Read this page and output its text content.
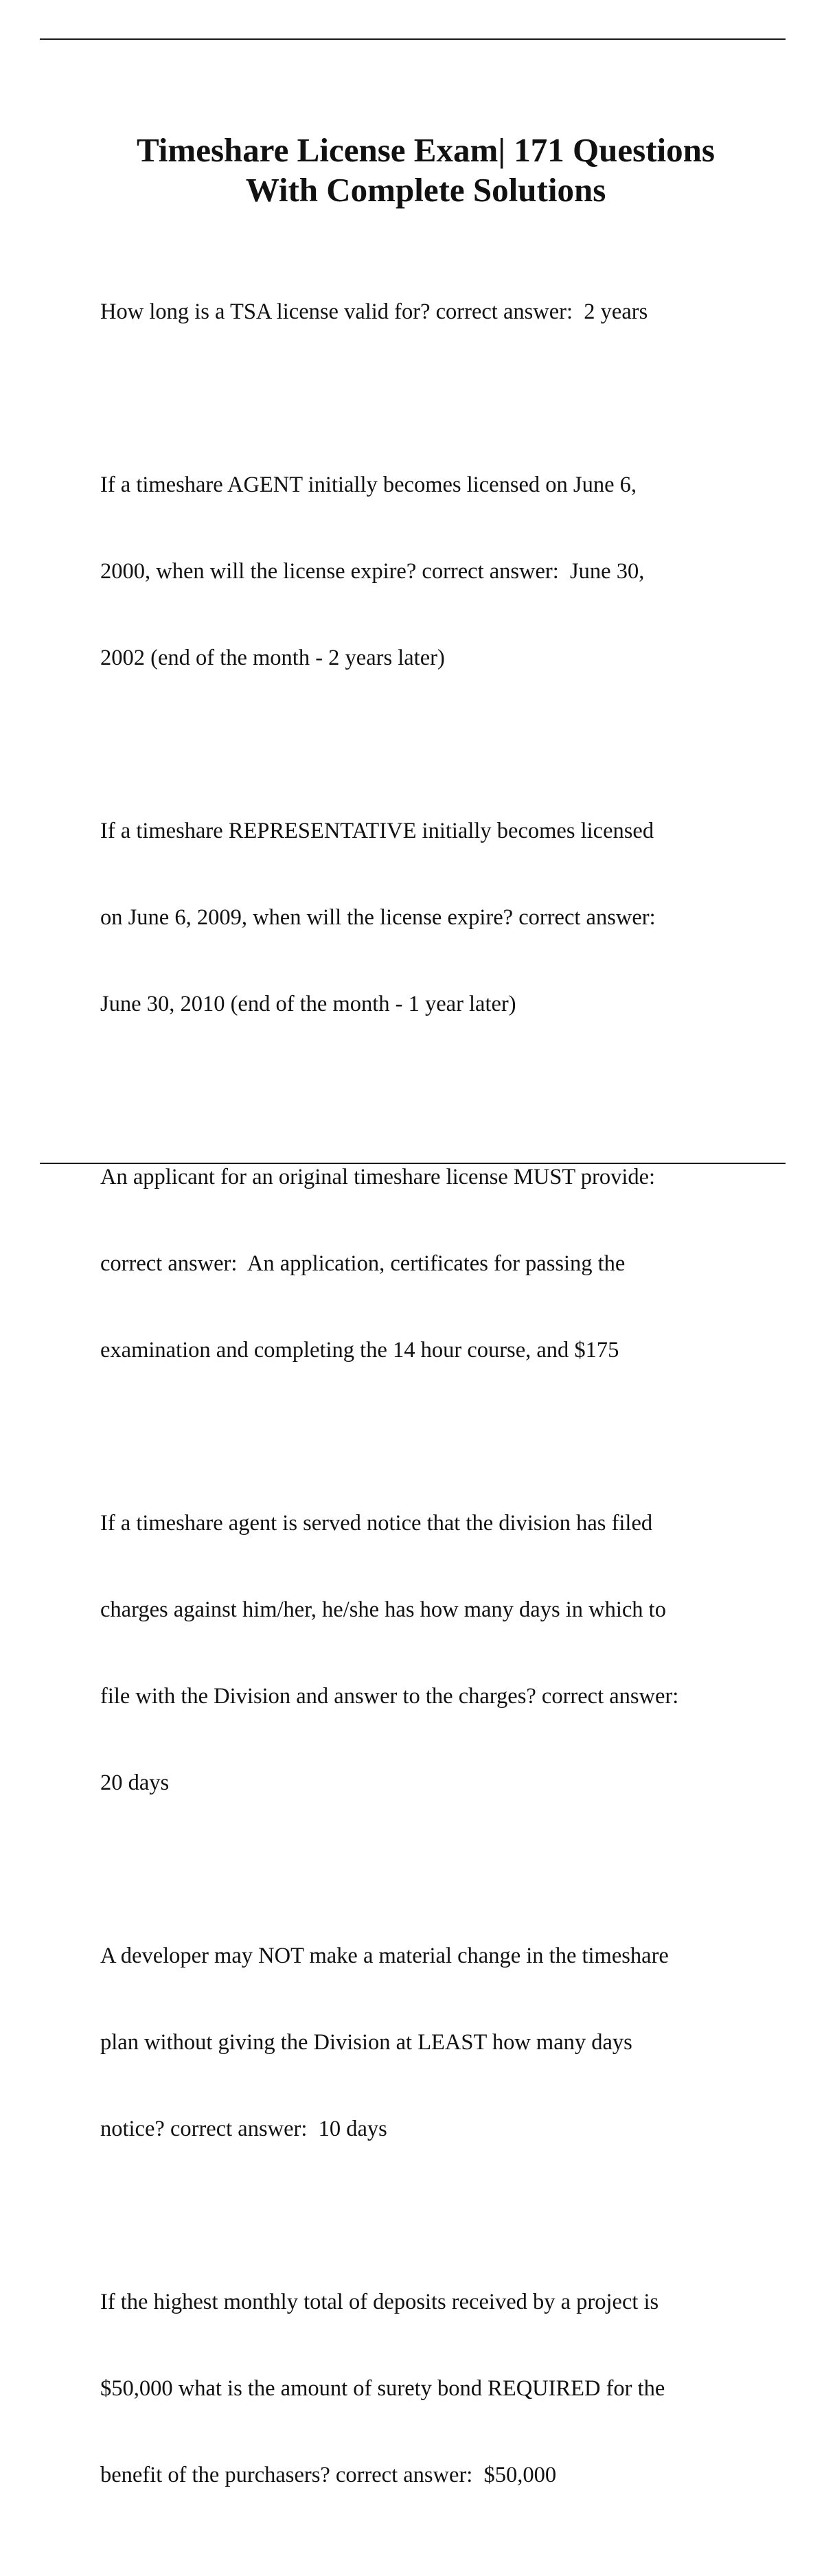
Timeshare License Exam| 171 Questions
With Complete Solutions

How long is a TSA license valid for? correct answer:  2 years

If a timeshare AGENT initially becomes licensed on June 6,

2000, when will the license expire? correct answer:  June 30,

2002 (end of the month - 2 years later)

If a timeshare REPRESENTATIVE initially becomes licensed

on June 6, 2009, when will the license expire? correct answer:

June 30, 2010 (end of the month - 1 year later)

An applicant for an original timeshare license MUST provide:

correct answer:  An application, certificates for passing the

examination and completing the 14 hour course, and $175

If a timeshare agent is served notice that the division has filed

charges against him/her, he/she has how many days in which to

file with the Division and answer to the charges? correct answer:

20 days

A developer may NOT make a material change in the timeshare

plan without giving the Division at LEAST how many days

notice? correct answer:  10 days

If the highest monthly total of deposits received by a project is

$50,000 what is the amount of surety bond REQUIRED for the

benefit of the purchasers? correct answer:  $50,000
